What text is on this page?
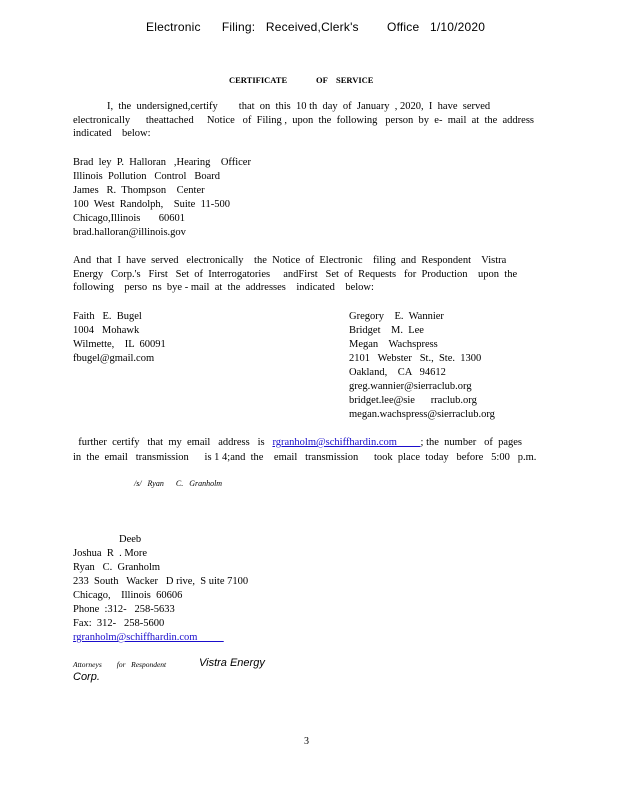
Electronic      Filing:   Received,Clerk's        Office   1/10/2020
CERTIFICATE	OF    SERVICE
I,  the  undersigned,certify        that  on  this  10 th  day  of  January  , 2020,  I  have  served
electronically      theattached     Notice   of  Filing ,  upon  the  following   person  by  e-  mail  at  the  address
indicated    below:
Brad  ley  P.  Halloran   ,Hearing    Officer
Illinois  Pollution   Control   Board
James   R.  Thompson    Center
100  West  Randolph,    Suite  11-500
Chicago,Illinois       60601
brad.halloran@illinois.gov
And  that  I  have  served   electronically    the  Notice  of  Electronic    filing  and  Respondent    Vistra
Energy   Corp.'s   First   Set  of  Interrogatories     andFirst   Set  of  Requests   for  Production    upon  the
following    perso  ns  bye - mail  at  the  addresses    indicated    below:
Faith   E.  Bugel
1004   Mohawk
Wilmette,    IL  60091
fbugel@gmail.com
Gregory    E.  Wannier
Bridget    M.  Lee
Megan    Wachspress
2101   Webster   St.,  Ste.  1300
Oakland,    CA   94612
greg.wannier@sierraclub.org
bridget.lee@sie      rraclub.org
megan.wachspress@sierraclub.org
further  certify   that  my  email   address   is   rgranholm@schiffhardin.com         ; the  number   of  pages
in  the  email   transmission      is 1 4;and  the    email   transmission      took  place  today   before   5:00   p.m.
/s/   Ryan      C.   Granholm
Deeb
Joshua  R  . More
Ryan   C.  Granholm
233  South   Wacker   D rive,  S uite 7100
Chicago,    Illinois  60606
Phone  :312-   258-5633
Fax:  312-   258-5600
rgranholm@schiffhardin.com
Attorneys        for   Respondent	Vistra Energy
Corp.
3
